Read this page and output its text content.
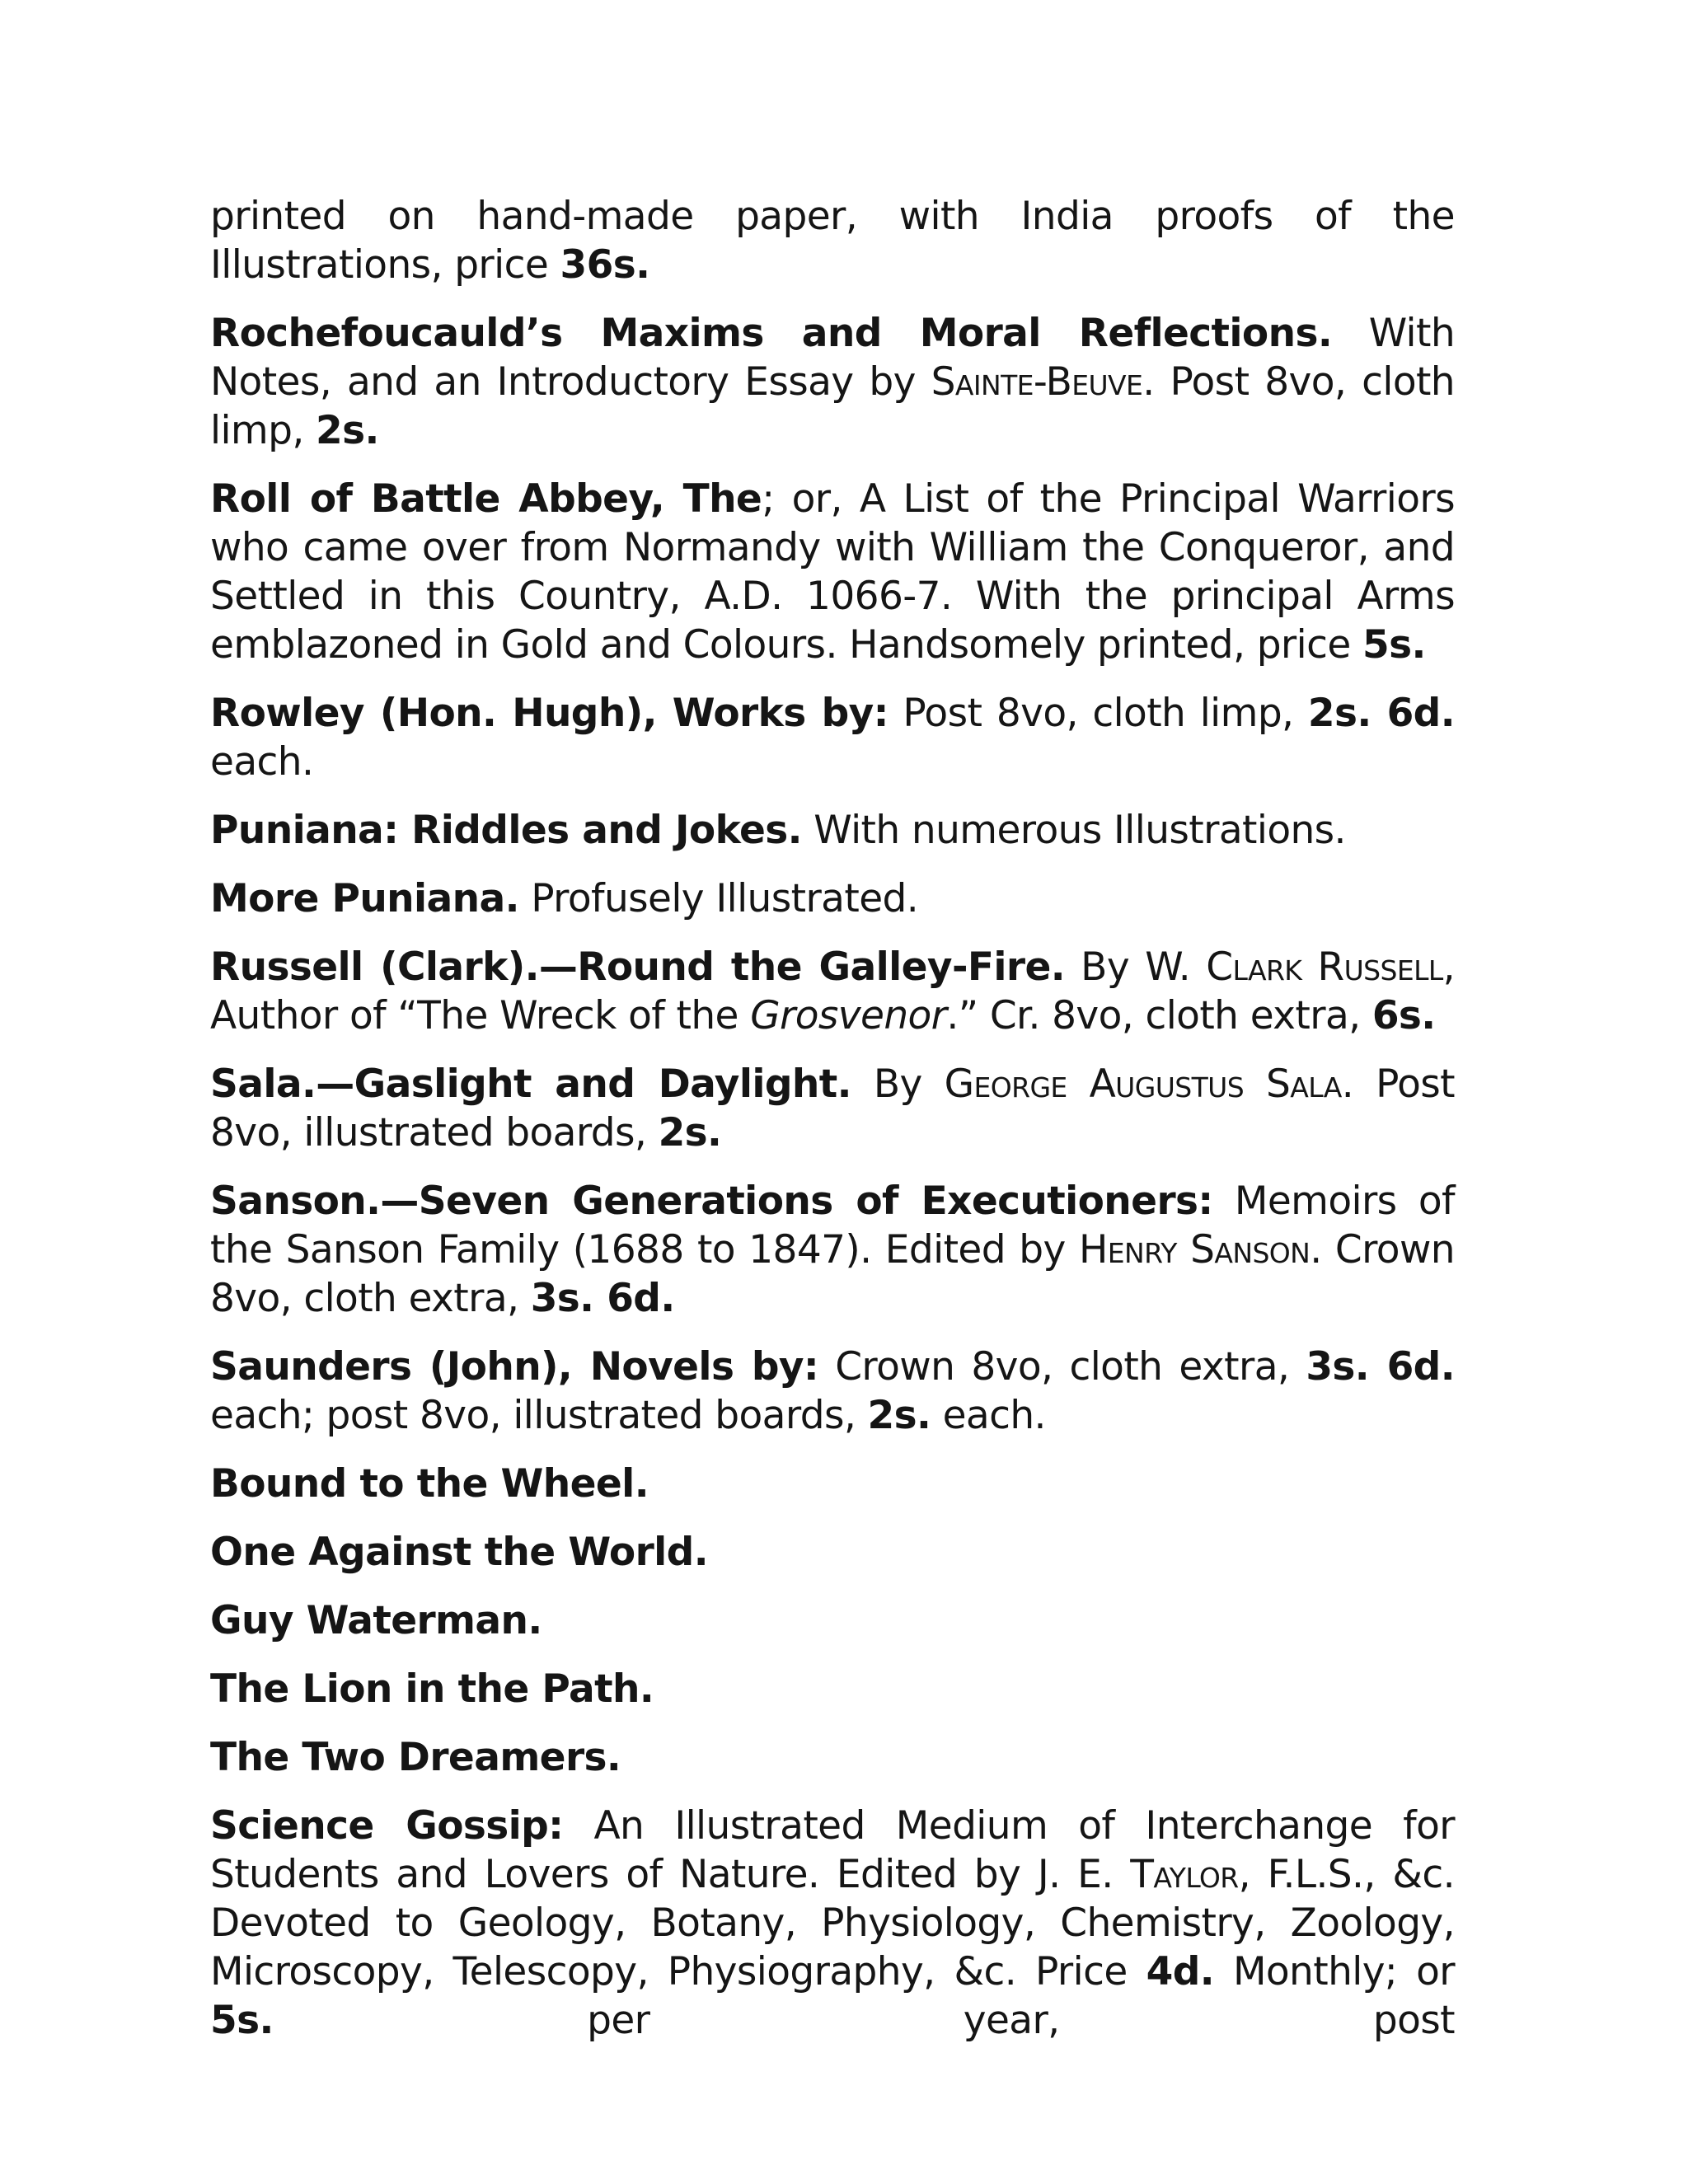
printed on hand-made paper, with India proofs of the Illustrations, price 36s.

Rochefoucauld’s Maxims and Moral Reflections. With Notes, and an Introductory Essay by Sainte-Beuve. Post 8vo, cloth limp, 2s.

Roll of Battle Abbey, The; or, A List of the Principal Warriors who came over from Normandy with William the Conqueror, and Settled in this Country, A.D. 1066-7. With the principal Arms emblazoned in Gold and Colours. Handsomely printed, price 5s.

Rowley (Hon. Hugh), Works by: Post 8vo, cloth limp, 2s. 6d. each.

Puniana: Riddles and Jokes. With numerous Illustrations.

More Puniana. Profusely Illustrated.

Russell (Clark).—Round the Galley-Fire. By W. Clark Russell, Author of “The Wreck of the Grosvenor.” Cr. 8vo, cloth extra, 6s.

Sala.—Gaslight and Daylight. By George Augustus Sala. Post 8vo, illustrated boards, 2s.

Sanson.—Seven Generations of Executioners: Memoirs of the Sanson Family (1688 to 1847). Edited by Henry Sanson. Crown 8vo, cloth extra, 3s. 6d.

Saunders (John), Novels by: Crown 8vo, cloth extra, 3s. 6d. each; post 8vo, illustrated boards, 2s. each.

Bound to the Wheel.

One Against the World.

Guy Waterman.

The Lion in the Path.

The Two Dreamers.

Science Gossip: An Illustrated Medium of Interchange for Students and Lovers of Nature. Edited by J. E. Taylor, F.L.S., &c. Devoted to Geology, Botany, Physiology, Chemistry, Zoology, Microscopy, Telescopy, Physiography, &c. Price 4d. Monthly; or 5s. per year, post
